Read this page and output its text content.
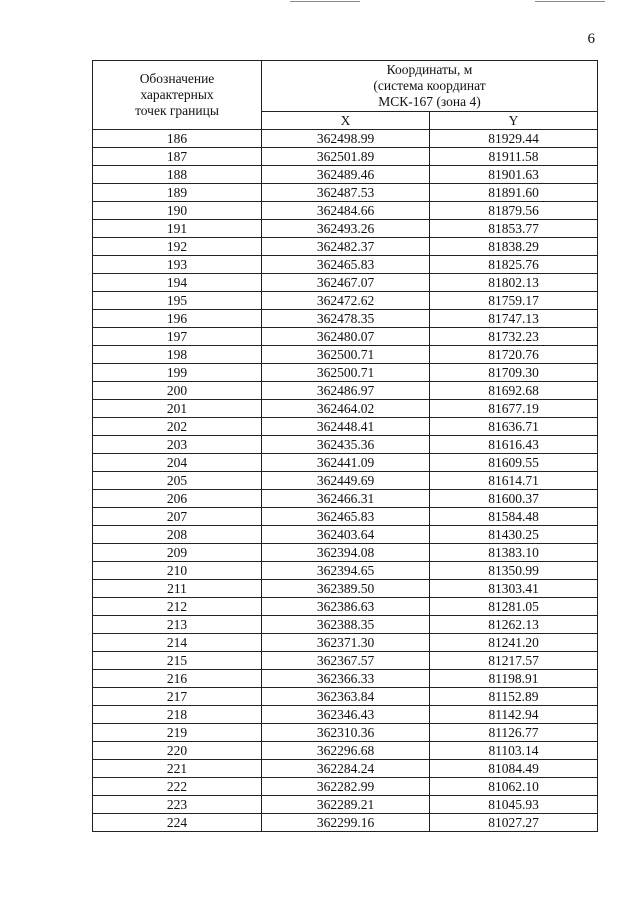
6
Обозначение
характерных
точек границы	Координаты, м
(система координат
МСК-167 (зона 4)	
	X	Y
186	362498.99	81929.44
187	362501.89	81911.58
188	362489.46	81901.63
189	362487.53	81891.60
190	362484.66	81879.56
191	362493.26	81853.77
192	362482.37	81838.29
193	362465.83	81825.76
194	362467.07	81802.13
195	362472.62	81759.17
196	362478.35	81747.13
197	362480.07	81732.23
198	362500.71	81720.76
199	362500.71	81709.30
200	362486.97	81692.68
201	362464.02	81677.19
202	362448.41	81636.71
203	362435.36	81616.43
204	362441.09	81609.55
205	362449.69	81614.71
206	362466.31	81600.37
207	362465.83	81584.48
208	362403.64	81430.25
209	362394.08	81383.10
210	362394.65	81350.99
211	362389.50	81303.41
212	362386.63	81281.05
213	362388.35	81262.13
214	362371.30	81241.20
215	362367.57	81217.57
216	362366.33	81198.91
217	362363.84	81152.89
218	362346.43	81142.94
219	362310.36	81126.77
220	362296.68	81103.14
221	362284.24	81084.49
222	362282.99	81062.10
223	362289.21	81045.93
224	362299.16	81027.27
